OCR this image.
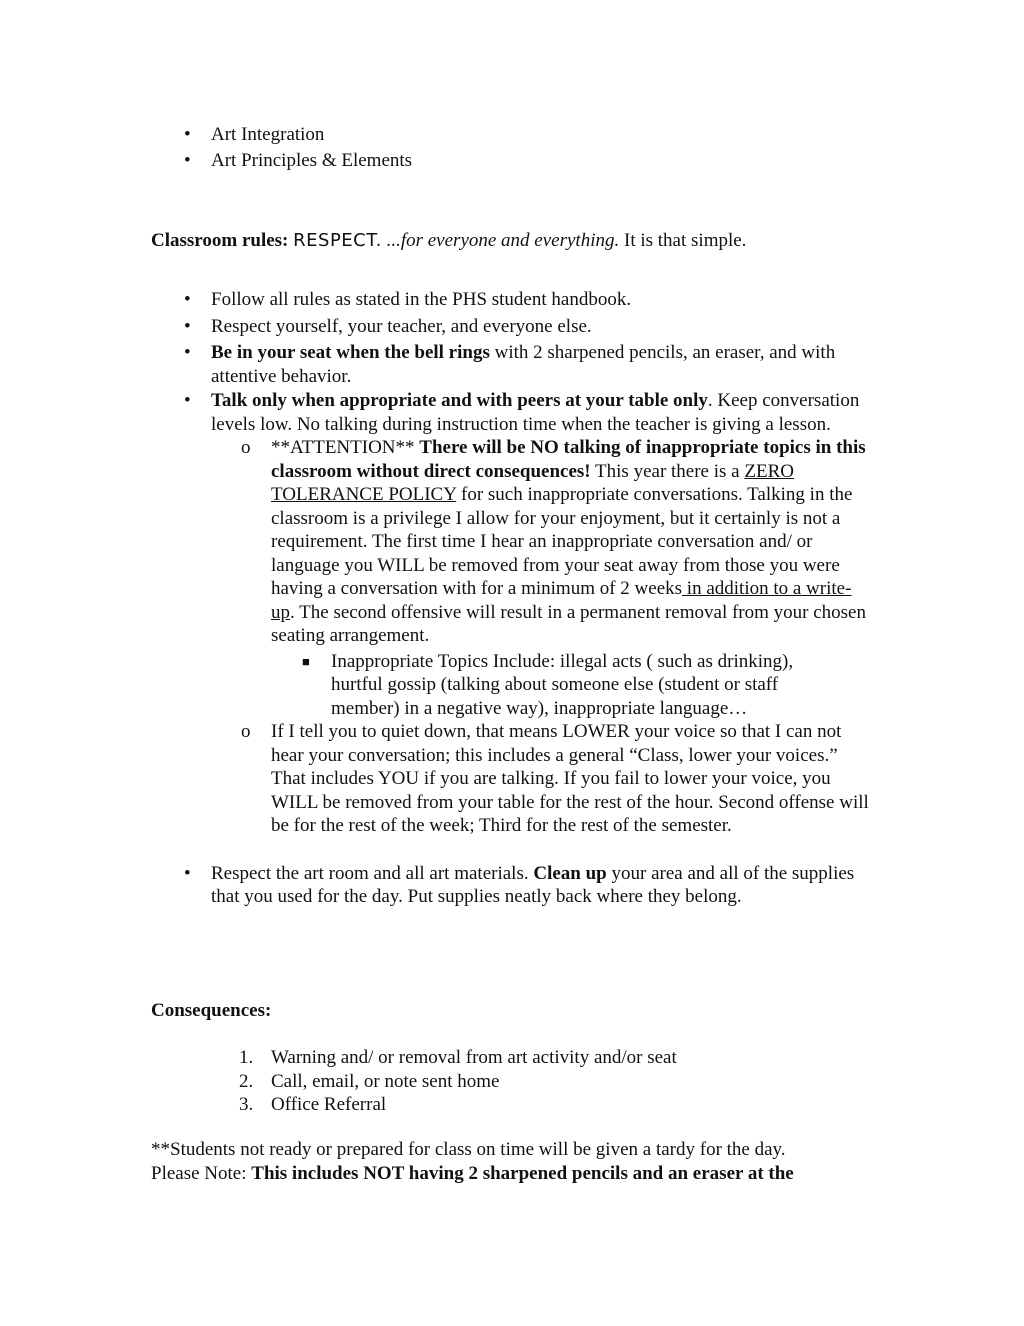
• Art Integration
• Art Principles & Elements
Classroom rules: RESPECT. ...for everyone and everything. It is that simple.
• Follow all rules as stated in the PHS student handbook.
• Respect yourself, your teacher, and everyone else.
• Be in your seat when the bell rings with 2 sharpened pencils, an eraser, and with attentive behavior.
• Talk only when appropriate and with peers at your table only. Keep conversation levels low. No talking during instruction time when the teacher is giving a lesson.
o **ATTENTION** There will be NO talking of inappropriate topics in this classroom without direct consequences! This year there is a ZERO TOLERANCE POLICY for such inappropriate conversations. Talking in the classroom is a privilege I allow for your enjoyment, but it certainly is not a requirement. The first time I hear an inappropriate conversation and/ or language you WILL be removed from your seat away from those you were having a conversation with for a minimum of 2 weeks in addition to a write-up. The second offensive will result in a permanent removal from your chosen seating arrangement.
■ Inappropriate Topics Include: illegal acts ( such as drinking), hurtful gossip (talking about someone else (student or staff member) in a negative way), inappropriate language…
o If I tell you to quiet down, that means LOWER your voice so that I can not hear your conversation; this includes a general “Class, lower your voices.” That includes YOU if you are talking. If you fail to lower your voice, you WILL be removed from your table for the rest of the hour. Second offense will be for the rest of the week; Third for the rest of the semester.
• Respect the art room and all art materials. Clean up your area and all of the supplies that you used for the day. Put supplies neatly back where they belong.
Consequences:
1. Warning and/ or removal from art activity and/or seat
2. Call, email, or note sent home
3. Office Referral
**Students not ready or prepared for class on time will be given a tardy for the day.
Please Note: This includes NOT having 2 sharpened pencils and an eraser at the
